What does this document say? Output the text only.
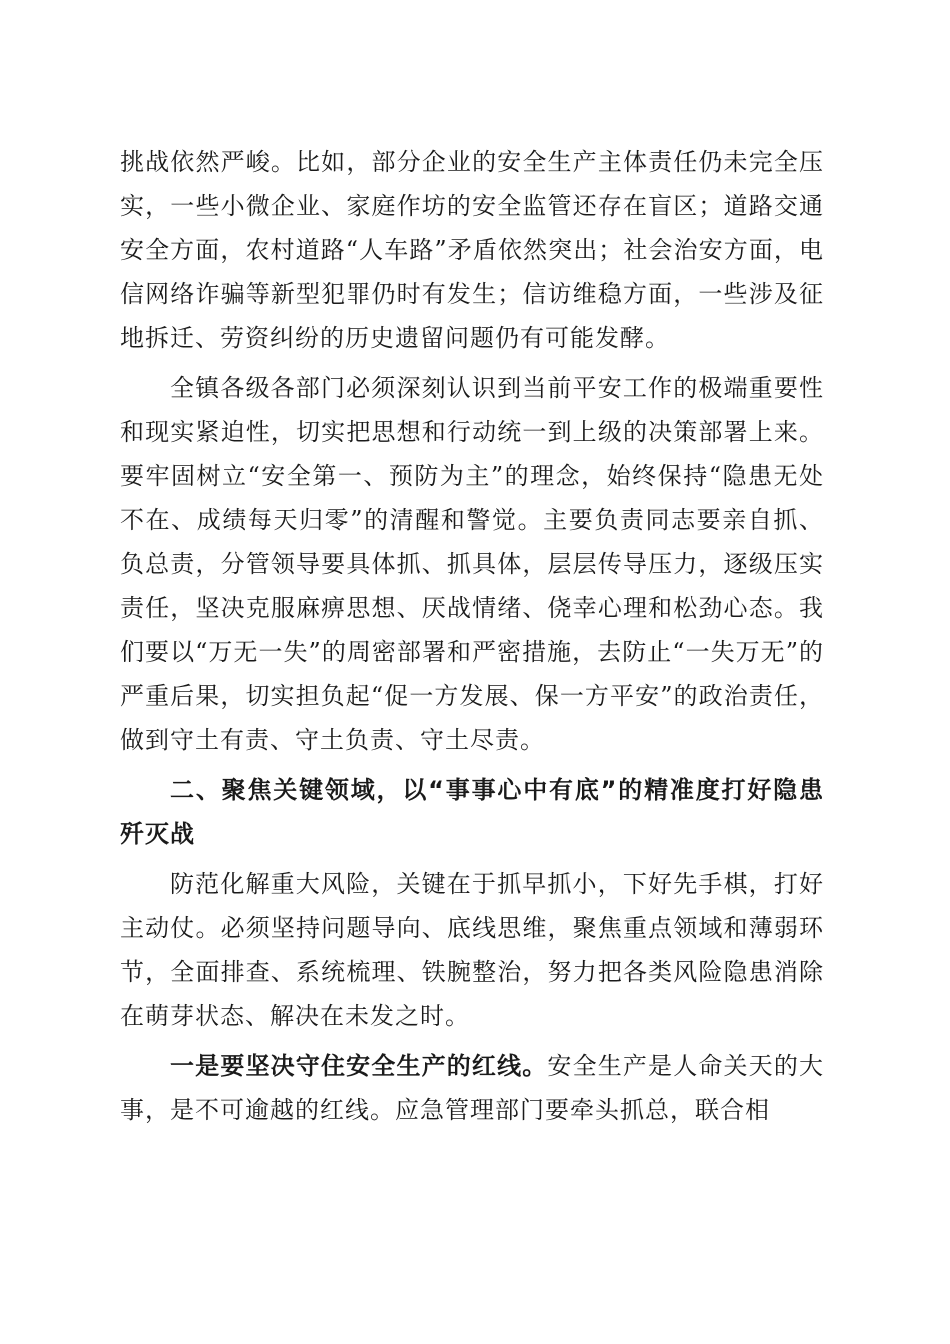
挑战依然严峻。比如，部分企业的安全生产主体责任仍未完全压实，一些小微企业、家庭作坊的安全监管还存在盲区；道路交通安全方面，农村道路“人车路”矛盾依然突出；社会治安方面，电信网络诈骗等新型犯罪仍时有发生；信访维稳方面，一些涉及征地拆迁、劳资纠纷的历史遗留问题仍有可能发酵。

全镇各级各部门必须深刻认识到当前平安工作的极端重要性和现实紧迫性，切实把思想和行动统一到上级的决策部署上来。要牢固树立“安全第一、预防为主”的理念，始终保持“隐患无处不在、成绩每天归零”的清醒和警觉。主要负责同志要亲自抓、负总责，分管领导要具体抓、抓具体，层层传导压力，逐级压实责任，坚决克服麻痹思想、厌战情绪、侥幸心理和松劲心态。我们要以“万无一失”的周密部署和严密措施，去防止“一失万无”的严重后果，切实担负起“促一方发展、保一方平安”的政治责任，做到守土有责、守土负责、守土尽责。

二、聚焦关键领域，以“事事心中有底”的精准度打好隐患歼灭战

防范化解重大风险，关键在于抓早抓小，下好先手棋，打好主动仗。必须坚持问题导向、底线思维，聚焦重点领域和薄弱环节，全面排查、系统梳理、铁腕整治，努力把各类风险隐患消除在萌芽状态、解决在未发之时。

一是要坚决守住安全生产的红线。安全生产是人命关天的大事，是不可逾越的红线。应急管理部门要牵头抓总，联合相
